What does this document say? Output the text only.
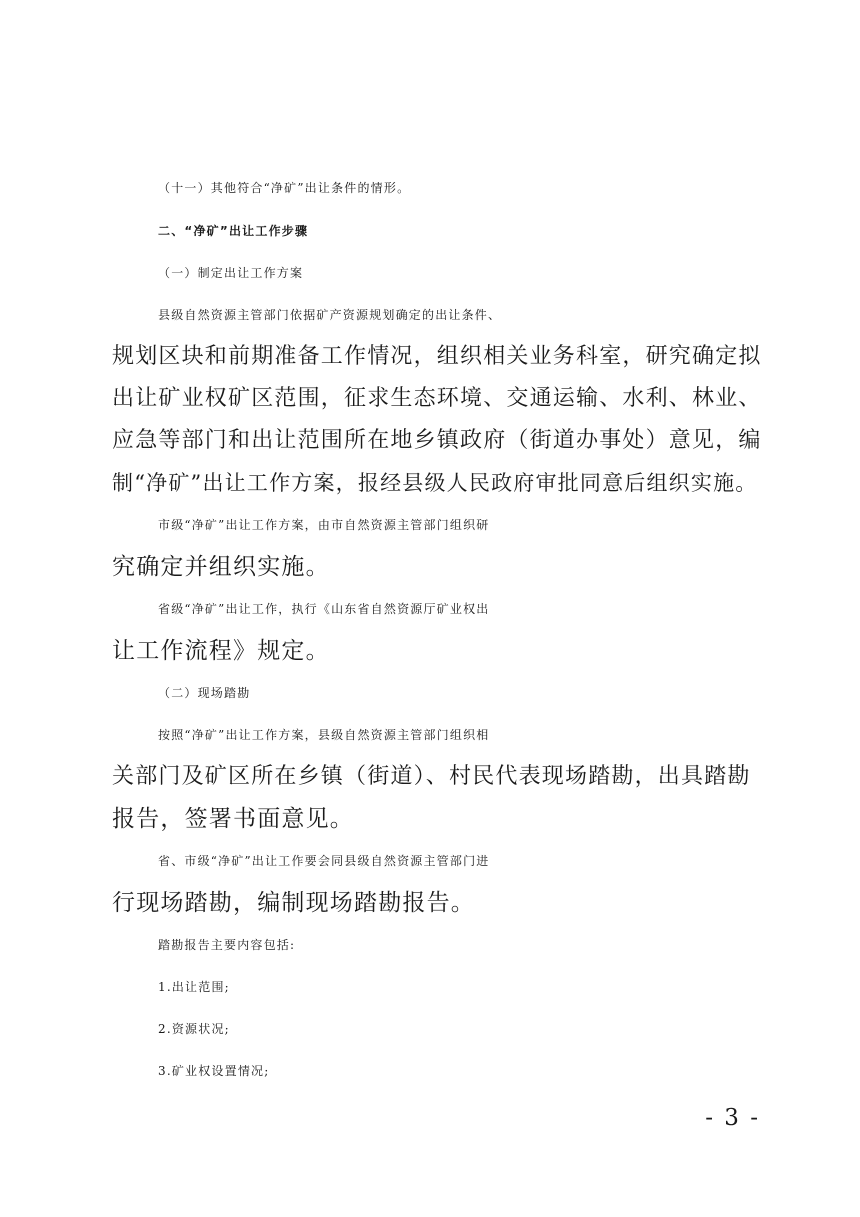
（十一）其他符合“净矿”出让条件的情形。
二、“净矿”出让工作步骤
（一）制定出让工作方案
县级自然资源主管部门依据矿产资源规划确定的出让条件、
规划区块和前期准备工作情况，组织相关业务科室，研究确定拟
出让矿业权矿区范围，征求生态环境、交通运输、水利、林业、
应急等部门和出让范围所在地乡镇政府（街道办事处）意见，编
制“净矿”出让工作方案，报经县级人民政府审批同意后组织实施。
市级“净矿”出让工作方案，由市自然资源主管部门组织研
究确定并组织实施。
省级“净矿”出让工作，执行《山东省自然资源厅矿业权出
让工作流程》规定。
（二）现场踏勘
按照“净矿”出让工作方案，县级自然资源主管部门组织相
关部门及矿区所在乡镇（街道）、村民代表现场踏勘，出具踏勘
报告，签署书面意见。
省、市级“净矿”出让工作要会同县级自然资源主管部门进
行现场踏勘，编制现场踏勘报告。
踏勘报告主要内容包括:
1.出让范围;
2.资源状况;
3.矿业权设置情况;
- 3 -
